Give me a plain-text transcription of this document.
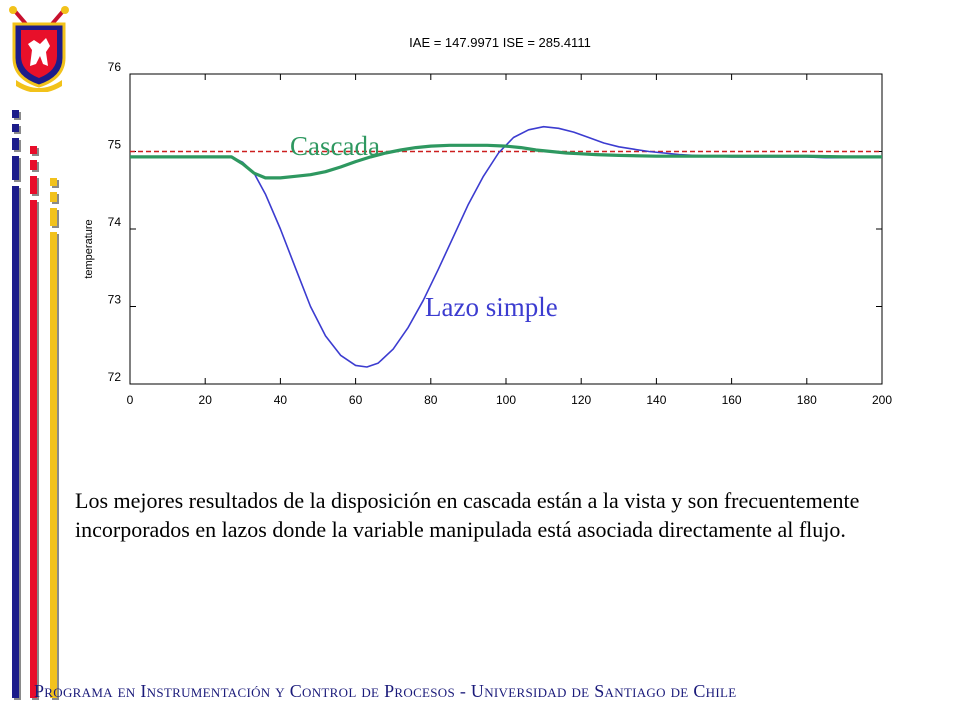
IAE = 147.9971 ISE = 285.4111
temperature
0	20	40	60	80	100	120	140	160	180	200
72
73
74
75
76
Cascada
Lazo simple

Los mejores resultados de la disposición en cascada están a la vista y son frecuentemente incorporados en lazos donde la variable manipulada está asociada directamente al flujo.

Programa en Instrumentación y Control de Procesos - Universidad de Santiago de Chile
